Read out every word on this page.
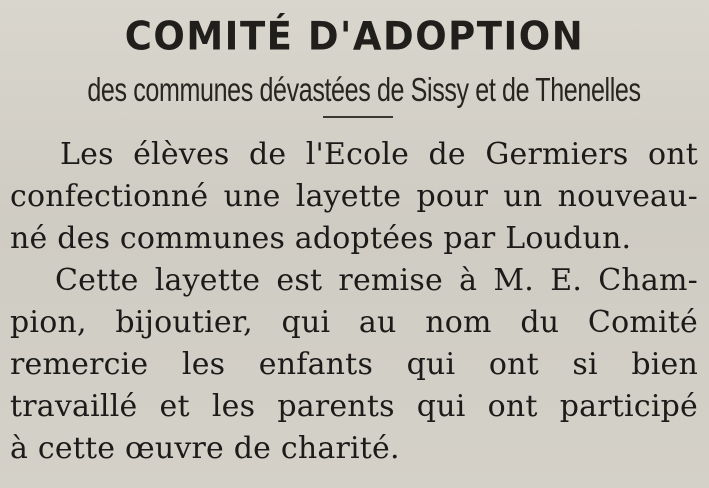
COMITÉ D'ADOPTION
des communes dévastées de Sissy et de Thenelles
Les élèves de l'Ecole de Germiers ont
confectionné une layette pour un nouveau-
né des communes adoptées par Loudun.
Cette layette est remise à M. E. Cham-
pion, bijoutier, qui au nom du Comité
remercie les enfants qui ont si bien
travaillé et les parents qui ont participé
à cette œuvre de charité.
